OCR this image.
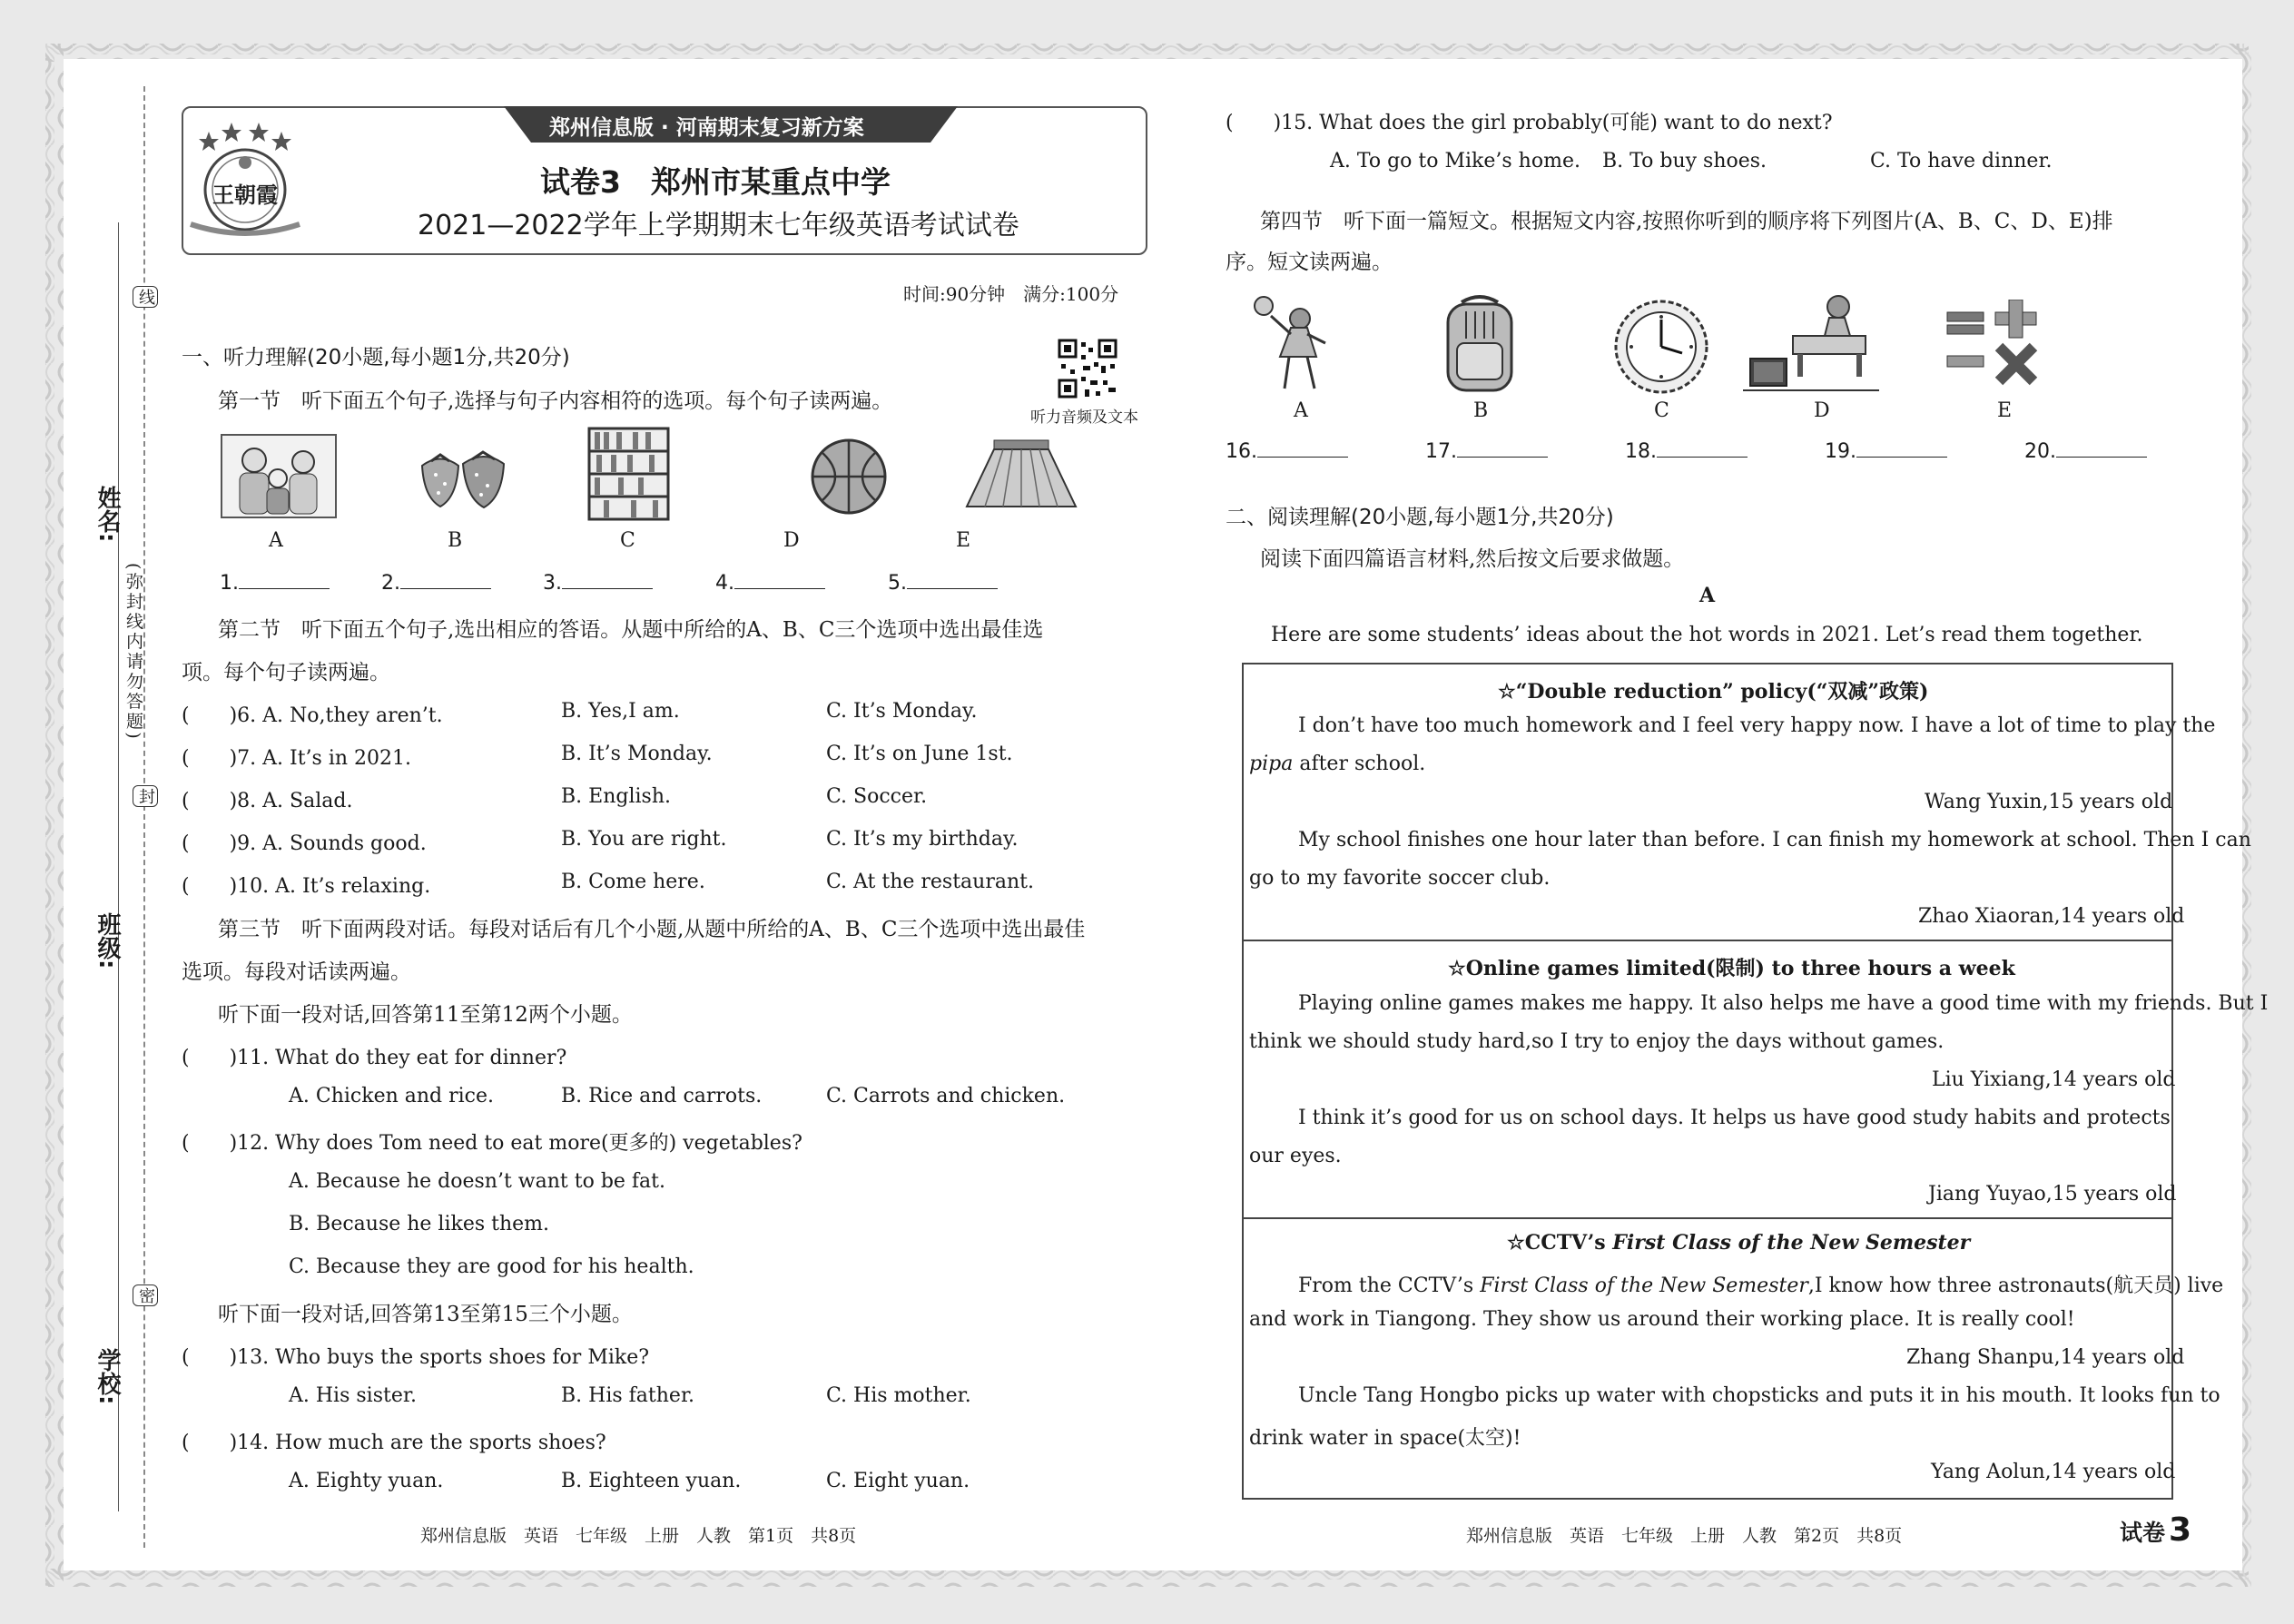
姓名:
班级:
学校:
线
(弥封线内请勿答题)
封
密
郑州信息版 · 河南期末复习新方案
王朝霞	试卷3　郑州市某重点中学
2021—2022学年上学期期末七年级英语考试试卷
时间:90分钟　满分:100分
一、听力理解(20小题,每小题1分,共20分)
第一节　听下面五个句子,选择与句子内容相符的选项。每个句子读两遍。
听力音频及文本
A	B	C	D	E
1.	2.	3.	4.	5.
第二节　听下面五个句子,选出相应的答语。从题中所给的A、B、C三个选项中选出最佳选
项。每个句子读两遍。
(　　)6. A. No,they aren’t.	B. Yes,I am.	C. It’s Monday.
(　　)7. A. It’s in 2021.	B. It’s Monday.	C. It’s on June 1st.
(　　)8. A. Salad.	B. English.	C. Soccer.
(　　)9. A. Sounds good.	B. You are right.	C. It’s my birthday.
(　　)10. A. It’s relaxing.	B. Come here.	C. At the restaurant.
第三节　听下面两段对话。每段对话后有几个小题,从题中所给的A、B、C三个选项中选出最佳
选项。每段对话读两遍。
听下面一段对话,回答第11至第12两个小题。
(　　)11. What do they eat for dinner?
A. Chicken and rice.	B. Rice and carrots.	C. Carrots and chicken.
(　　)12. Why does Tom need to eat more(更多的) vegetables?
A. Because he doesn’t want to be fat.
B. Because he likes them.
C. Because they are good for his health.
听下面一段对话,回答第13至第15三个小题。
(　　)13. Who buys the sports shoes for Mike?
A. His sister.	B. His father.	C. His mother.
(　　)14. How much are the sports shoes?
A. Eighty yuan.	B. Eighteen yuan.	C. Eight yuan.
郑州信息版　英语　七年级　上册　人教　第1页　共8页
(　　)15. What does the girl probably(可能) want to do next?
A. To go to Mike’s home. B. To buy shoes.	C. To have dinner.
第四节　听下面一篇短文。根据短文内容,按照你听到的顺序将下列图片(A、B、C、D、E)排
序。短文读两遍。
A	B	C	D	E
16.	17.	18.	19.	20.
二、阅读理解(20小题,每小题1分,共20分)
阅读下面四篇语言材料,然后按文后要求做题。
A
Here are some students’ ideas about the hot words in 2021. Let’s read them together.
☆“Double reduction” policy(“双减”政策)
I don’t have too much homework and I feel very happy now. I have a lot of time to play the
pipa after school.
Wang Yuxin,15 years old
My school finishes one hour later than before. I can finish my homework at school. Then I can
go to my favorite soccer club.
Zhao Xiaoran,14 years old
☆Online games limited(限制) to three hours a week
Playing online games makes me happy. It also helps me have a good time with my friends. But I
think we should study hard,so I try to enjoy the days without games.
Liu Yixiang,14 years old
I think it’s good for us on school days. It helps us have good study habits and protects
our eyes.
Jiang Yuyao,15 years old
☆CCTV’s First Class of the New Semester
From the CCTV’s First Class of the New Semester,I know how three astronauts(航天员) live
and work in Tiangong. They show us around their working place. It is really cool!
Zhang Shanpu,14 years old
Uncle Tang Hongbo picks up water with chopsticks and puts it in his mouth. It looks fun to
drink water in space(太空)!
Yang Aolun,14 years old
郑州信息版　英语　七年级　上册　人教　第2页　共8页	试卷 3
